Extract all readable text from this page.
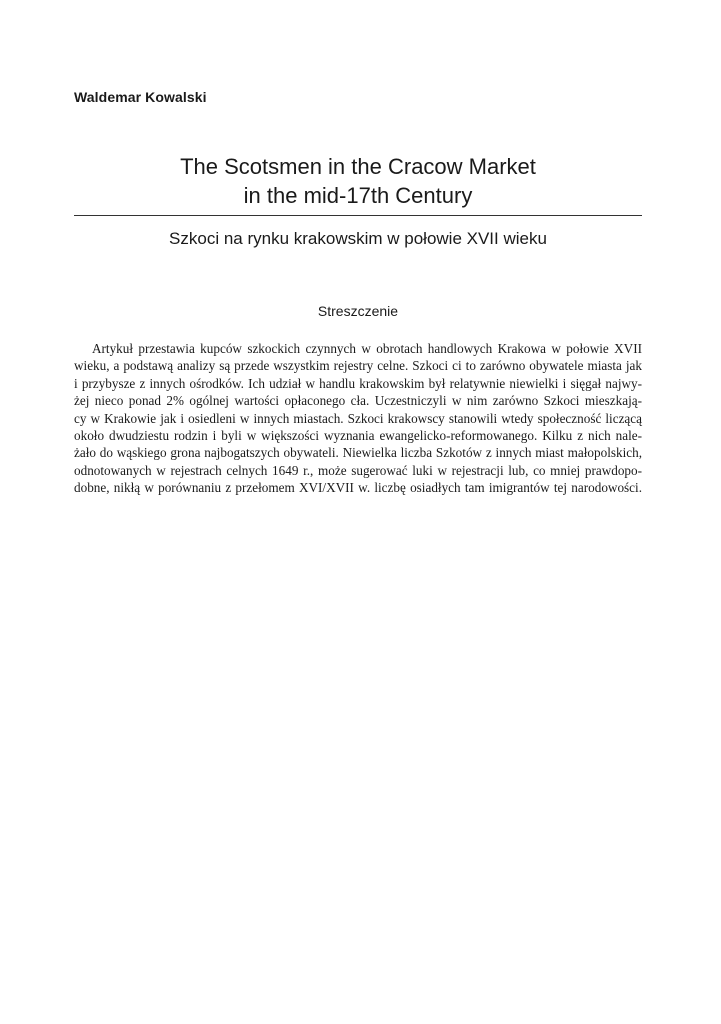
Waldemar Kowalski
The Scotsmen in the Cracow Market
in the mid-17th Century
Szkoci na rynku krakowskim w połowie XVII wieku
Streszczenie
Artykuł przestawia kupców szkockich czynnych w obrotach handlowych Krakowa w połowie XVII
wieku, a podstawą analizy są przede wszystkim rejestry celne. Szkoci ci to zarówno obywatele miasta jak
i przybysze z innych ośrodków. Ich udział w handlu krakowskim był relatywnie niewielki i sięgał najwy-
żej nieco ponad 2% ogólnej wartości opłaconego cła. Uczestniczyli w nim zarówno Szkoci mieszkają-
cy w Krakowie jak i osiedleni w innych miastach. Szkoci krakowscy stanowili wtedy społeczność liczącą
około dwudziestu rodzin i byli w większości wyznania ewangelicko-reformowanego. Kilku z nich nale-
żało do wąskiego grona najbogatszych obywateli. Niewielka liczba Szkotów z innych miast małopolskich,
odnotowanych w rejestrach celnych 1649 r., może sugerować luki w rejestracji lub, co mniej prawdopo-
dobne, nikłą w porównaniu z przełomem XVI/XVII w. liczbę osiadłych tam imigrantów tej narodowości.
